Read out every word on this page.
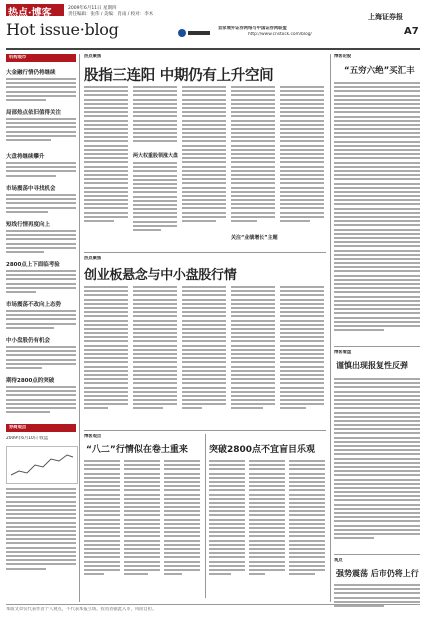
热点·博客	2009年6月11日 星期四
责任编辑：张伟 / 美编：肖雨 / 校对：李木
Hot issue·blog
上海证券报
A7
首家境外证券网络与中国证券网联盟
http://www.cnstock.com/blog/
机构观市
大金融行情仍将继续
局部热点依旧值得关注
大盘将继续攀升
市场震荡中寻找机会
短线行情再度向上
2800点上下面临考验
市场震荡不改向上态势
中小盘股仍有机会
期待2800点的突破
券商观点
2009年6月10日 收盘
热点聚焦
股指三连阳 中期仍有上升空间
两大权重股领涨大盘
关注“业绩增长”主题
热点聚焦
创业板悬念与中小盘股行情
博客观点
“八二”行情似在卷土重来 突破2800点不宜盲目乐观
博客论股
“五穷六绝”买汇丰
博客看盘
谨慎出现报复性反弹
观点
强势震荡 后市仍将上行
本版文章仅代表作者个人观点，不代表本报立场。投资者据此入市，风险自担。
